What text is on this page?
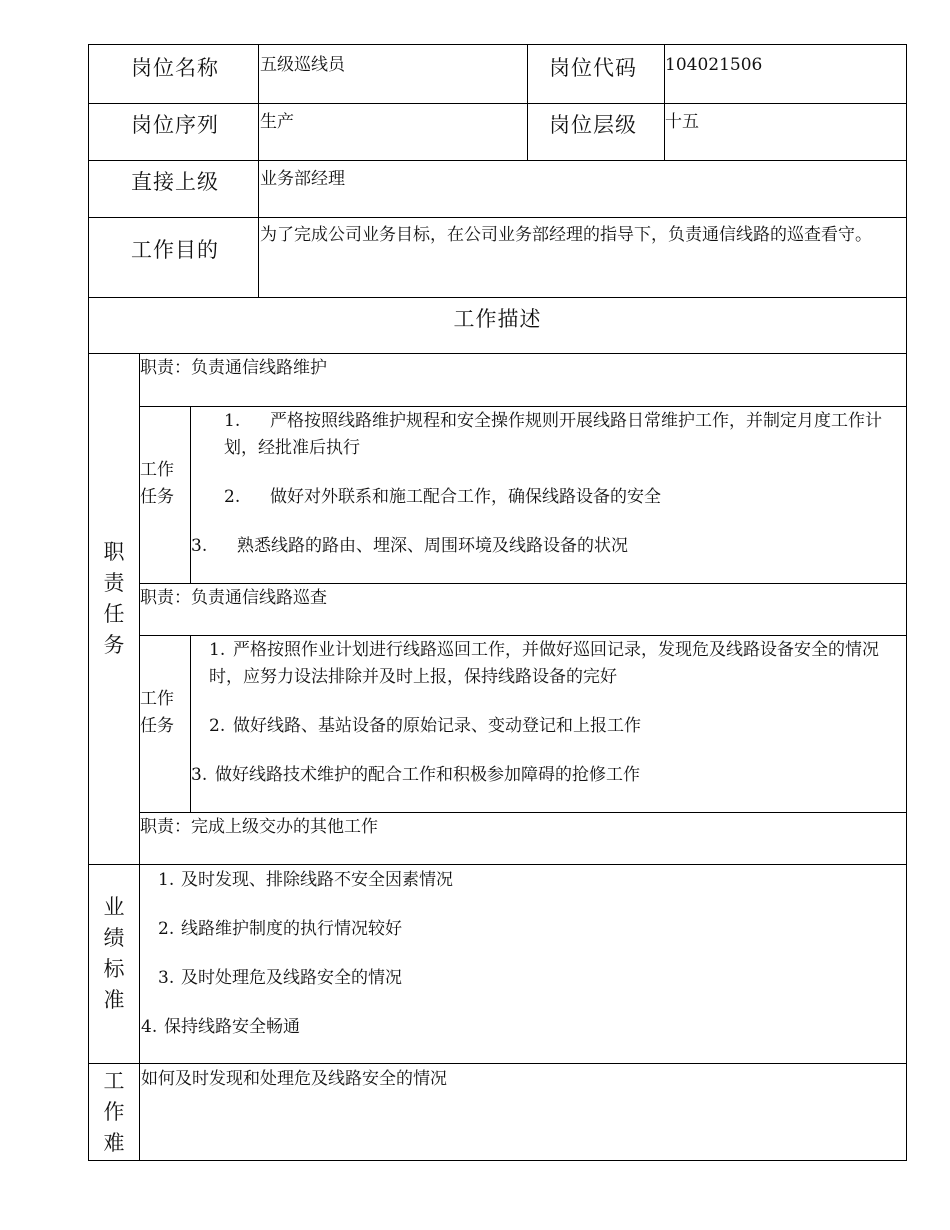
岗位名称 五级巡线员	岗位代码 104021506
岗位序列 生产	岗位层级 十五
直接上级 业务部经理
工作目的
为了完成公司业务目标，在公司业务部经理的指导下，负责通信线路的巡查看守。
工作描述
职
责
任
务
职责：负责通信线路维护
工作
任务
1.	严格按照线路维护规程和安全操作规则开展线路日常维护工作，并制定月度工作计划，经批准后执行
2. 做好对外联系和施工配合工作，确保线路设备的安全
3. 熟悉线路的路由、埋深、周围环境及线路设备的状况
职责：负责通信线路巡查
工作
任务
1. 严格按照作业计划进行线路巡回工作，并做好巡回记录，发现危及线路设备安全的情况时，应努力设法排除并及时上报，保持线路设备的完好
2. 做好线路、基站设备的原始记录、变动登记和上报工作
3. 做好线路技术维护的配合工作和积极参加障碍的抢修工作
职责：完成上级交办的其他工作
业
绩
标
准
1. 及时发现、排除线路不安全因素情况
2. 线路维护制度的执行情况较好
3. 及时处理危及线路安全的情况
4. 保持线路安全畅通
工
作
难
如何及时发现和处理危及线路安全的情况
